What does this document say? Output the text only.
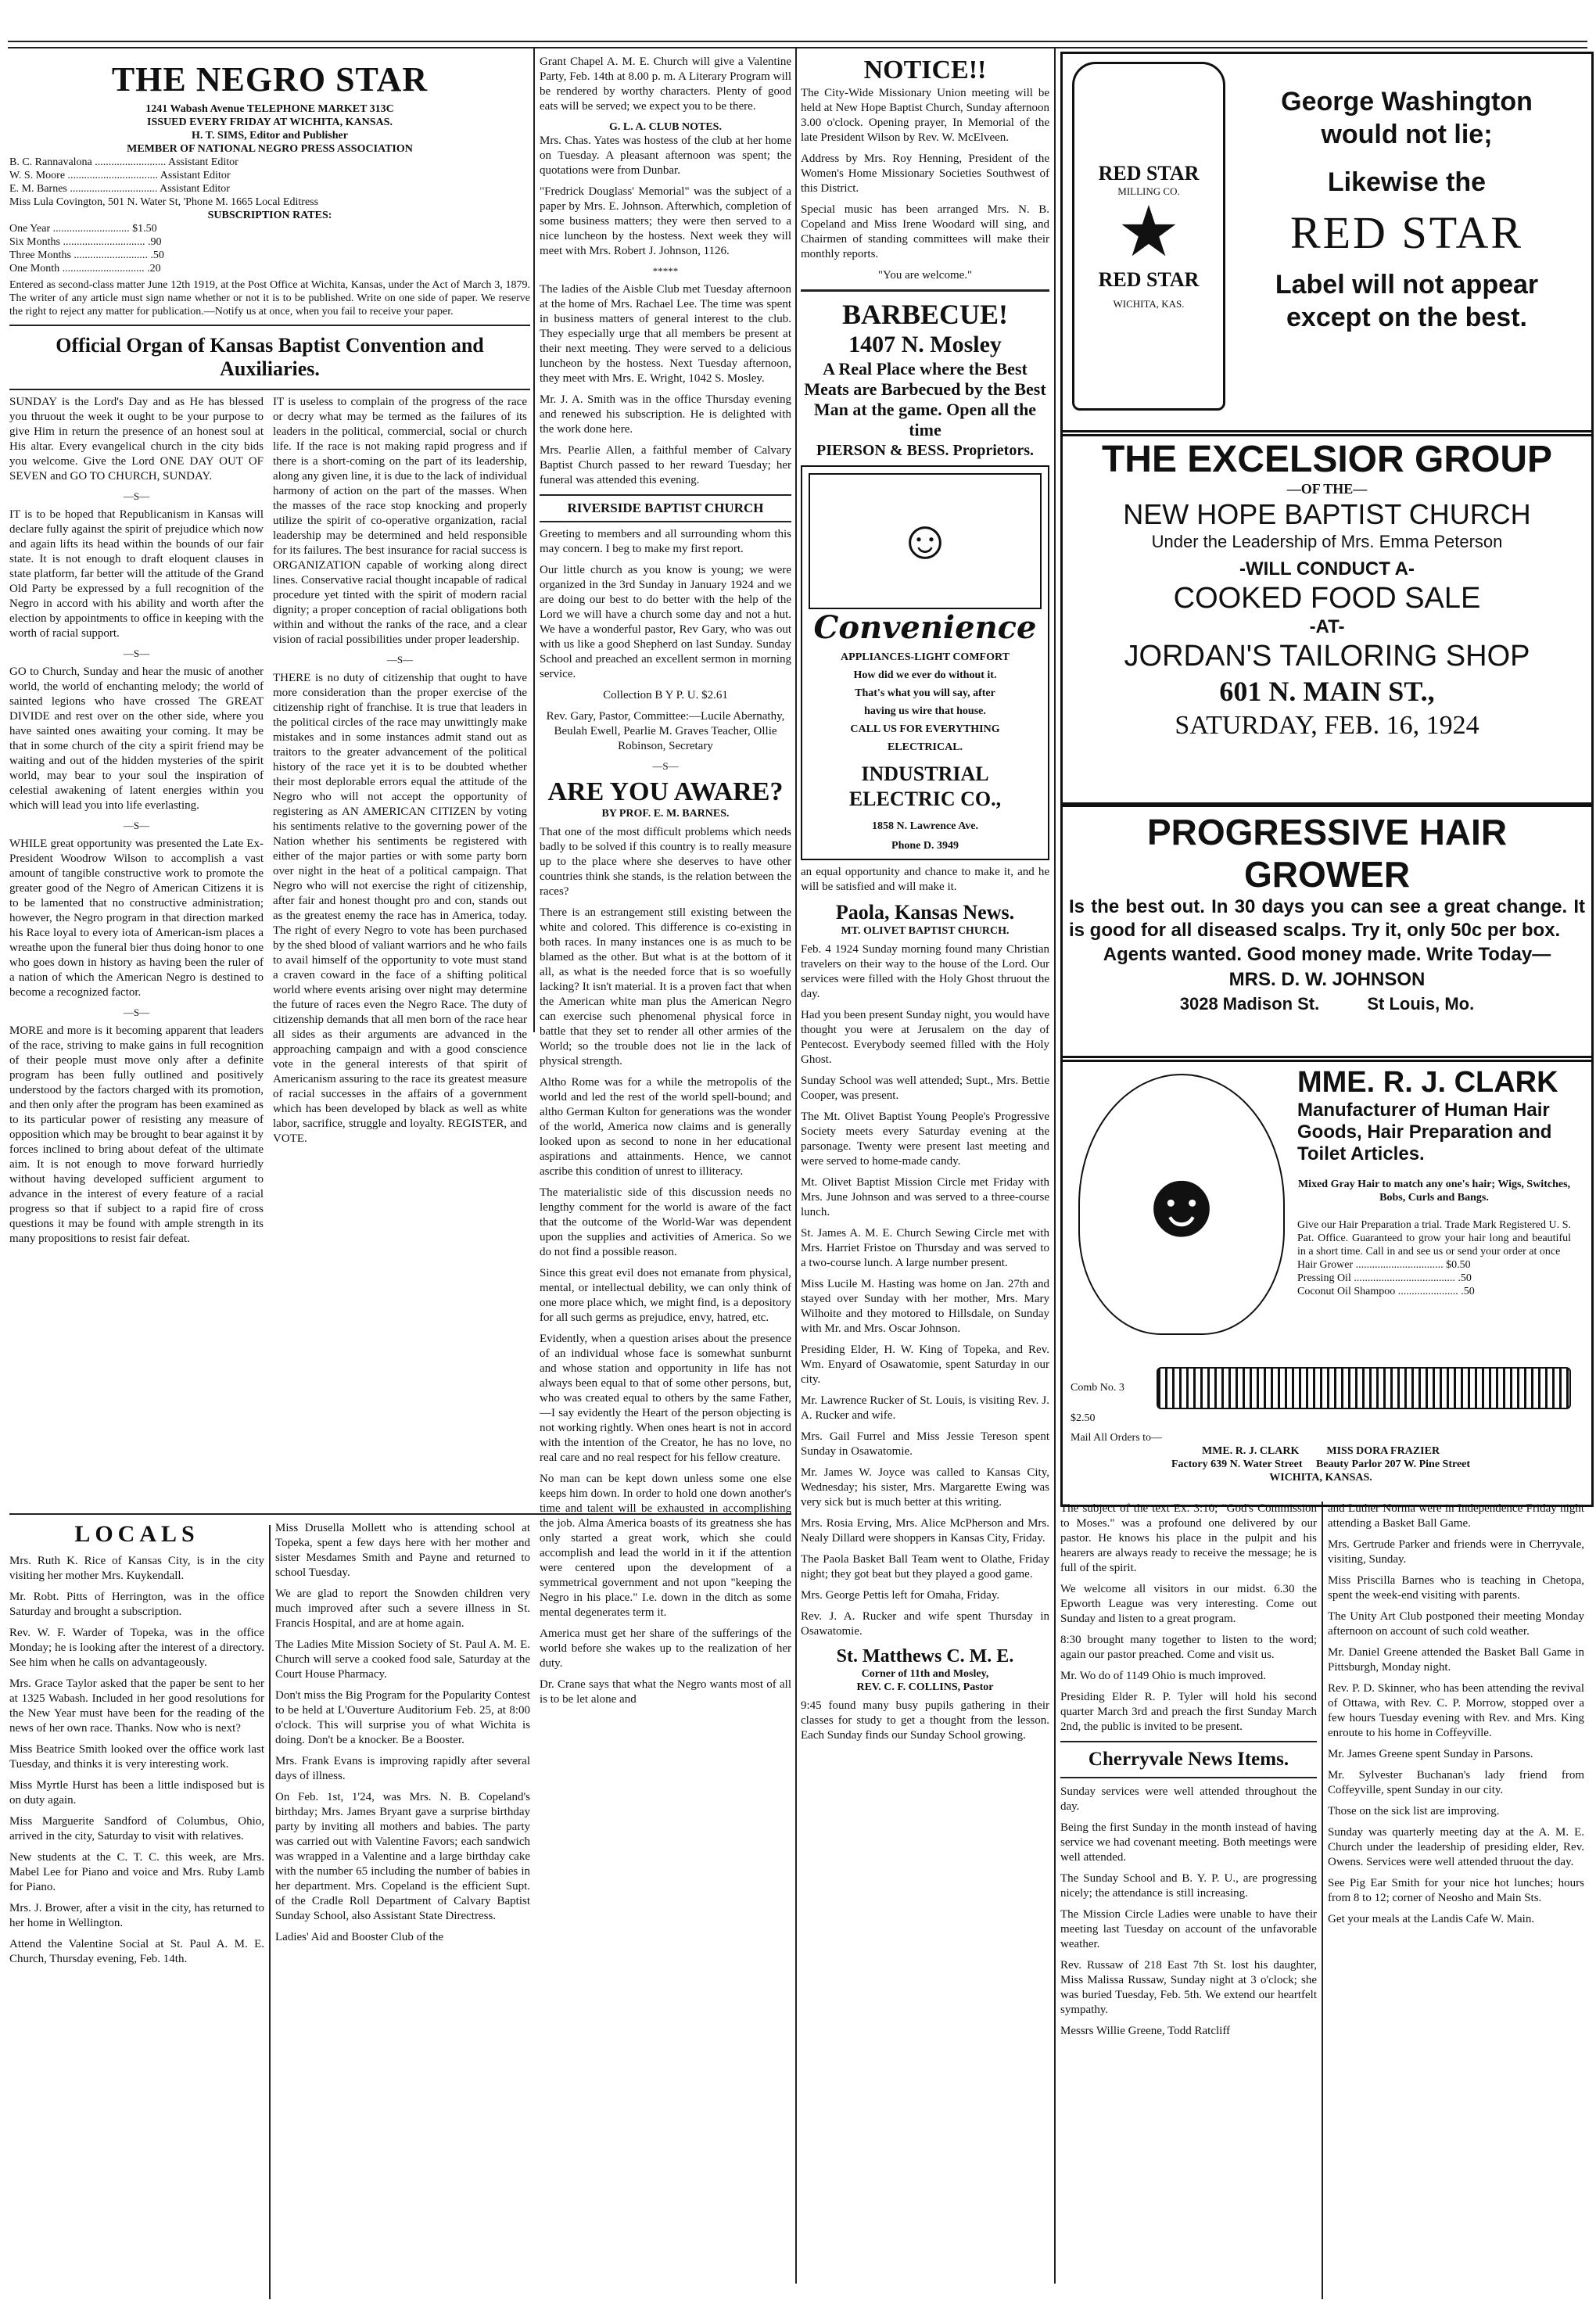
THE NEGRO STAR
1241 Wabash Avenue TELEPHONE MARKET 313C
ISSUED EVERY FRIDAY AT WICHITA, KANSAS.
H. T. SIMS, Editor and Publisher
MEMBER OF NATIONAL NEGRO PRESS ASSOCIATION
B. C. Rannavalona .......................... Assistant Editor
W. S. Moore ................................. Assistant Editor
E. M. Barnes ................................ Assistant Editor
Miss Lula Covington, 501 N. Water St, 'Phone M. 1665 Local Editress
SUBSCRIPTION RATES:
One Year ............................ $1.50
Six Months .............................. .90
Three Months ........................... .50
One Month .............................. .20

Entered as second-class matter June 12th 1919, at the Post Office at Wichita, Kansas, under the Act of March 3, 1879. The writer of any article must sign name whether or not it is to be published. Write on one side of paper. We reserve the right to reject any matter for publication.—Notify us at once, when you fail to receive your paper.

Official Organ of Kansas Baptist Convention and Auxiliaries.

SUNDAY is the Lord's Day and as He has blessed you thruout the week it ought to be your purpose to give Him in return the presence of an honest soul at His altar. Every evangelical church in the city bids you welcome. Give the Lord ONE DAY OUT OF SEVEN and GO TO CHURCH, SUNDAY.

—S—

IT is to be hoped that Republicanism in Kansas will declare fully against the spirit of prejudice which now and again lifts its head within the bounds of our fair state. It is not enough to draft eloquent clauses in state platform, far better will the attitude of the Grand Old Party be expressed by a full recognition of the Negro in accord with his ability and worth after the election by appointments to office in keeping with the worth of racial support.

—S—

GO to Church, Sunday and hear the music of another world, the world of enchanting melody; the world of sainted legions who have crossed The GREAT DIVIDE and rest over on the other side, where you have sainted ones awaiting your coming. It may be that in some church of the city a spirit friend may be waiting and out of the hidden mysteries of the spirit world, may bear to your soul the inspiration of celestial awakening of latent energies within you which will lead you into life everlasting.

—S—

WHILE great opportunity was presented the Late Ex-President Woodrow Wilson to accomplish a vast amount of tangible constructive work to promote the greater good of the Negro of American Citizens it is to be lamented that no constructive administration; however, the Negro program in that direction marked his Race loyal to every iota of American-ism places a wreathe upon the funeral bier thus doing honor to one who goes down in history as having been the ruler of a nation of which the American Negro is destined to become a recognized factor.

—S—

MORE and more is it becoming apparent that leaders of the race, striving to make gains in full recognition of their people must move only after a definite program has been fully outlined and positively understood by the factors charged with its promotion, and then only after the program has been examined as to its particular power of resisting any measure of opposition which may be brought to bear against it by forces inclined to bring about defeat of the ultimate aim. It is not enough to move forward hurriedly without having developed sufficient argument to advance in the interest of every feature of a racial progress so that if subject to a rapid fire of cross questions it may be found with ample strength in its many propositions to resist fair defeat.

IT is useless to complain of the progress of the race or decry what may be termed as the failures of its leaders in the political, commercial, social or church life. If the race is not making rapid progress and if there is a short-coming on the part of its leadership, along any given line, it is due to the lack of individual harmony of action on the part of the masses. When the masses of the race stop knocking and properly utilize the spirit of co-operative organization, racial leadership may be determined and held responsible for its failures. The best insurance for racial success is ORGANIZATION capable of working along direct lines. Conservative racial thought incapable of radical procedure yet tinted with the spirit of modern racial dignity; a proper conception of racial obligations both within and without the ranks of the race, and a clear vision of racial possibilities under proper leadership.

—S—

THERE is no duty of citizenship that ought to have more consideration than the proper exercise of the citizenship right of franchise. It is true that leaders in the political circles of the race may unwittingly make mistakes and in some instances admit stand out as traitors to the greater advancement of the political history of the race yet it is to be doubted whether their most deplorable errors equal the attitude of the Negro who will not accept the opportunity of registering as AN AMERICAN CITIZEN by voting his sentiments relative to the governing power of the Nation whether his sentiments be registered with either of the major parties or with some party born over night in the heat of a political campaign. That Negro who will not exercise the right of citizenship, after fair and honest thought pro and con, stands out as the greatest enemy the race has in America, today. The right of every Negro to vote has been purchased by the shed blood of valiant warriors and he who fails to avail himself of the opportunity to vote must stand a craven coward in the face of a shifting political world where events arising over night may determine the future of races even the Negro Race. The duty of citizenship demands that all men born of the race hear all sides as their arguments are advanced in the approaching campaign and with a good conscience vote in the general interests of that spirit of Americanism assuring to the race its greatest measure of racial successes in the affairs of a government which has been developed by black as well as white labor, sacrifice, struggle and loyalty. REGISTER, and VOTE.

LOCALS

Mrs. Ruth K. Rice of Kansas City, is in the city visiting her mother Mrs. Kuykendall.

Mr. Robt. Pitts of Herrington, was in the office Saturday and brought a subscription.

Rev. W. F. Warder of Topeka, was in the office Monday; he is looking after the interest of a directory. See him when he calls on advantageously.

Mrs. Grace Taylor asked that the paper be sent to her at 1325 Wabash. Included in her good resolutions for the New Year must have been for the reading of the news of her own race. Thanks. Now who is next?

Miss Beatrice Smith looked over the office work last Tuesday, and thinks it is very interesting work.

Miss Myrtle Hurst has been a little indisposed but is on duty again.

Miss Marguerite Sandford of Columbus, Ohio, arrived in the city, Saturday to visit with relatives.

New students at the C. T. C. this week, are Mrs. Mabel Lee for Piano and voice and Mrs. Ruby Lamb for Piano.

Mrs. J. Brower, after a visit in the city, has returned to her home in Wellington.

Attend the Valentine Social at St. Paul A. M. E. Church, Thursday evening, Feb. 14th.

Miss Drusella Mollett who is attending school at Topeka, spent a few days here with her mother and sister Mesdames Smith and Payne and returned to school Tuesday.

We are glad to report the Snowden children very much improved after such a severe illness in St. Francis Hospital, and are at home again.

The Ladies Mite Mission Society of St. Paul A. M. E. Church will serve a cooked food sale, Saturday at the Court House Pharmacy.

Don't miss the Big Program for the Popularity Contest to be held at L'Ouverture Auditorium Feb. 25, at 8:00 o'clock. This will surprise you of what Wichita is doing. Don't be a knocker. Be a Booster.

Mrs. Frank Evans is improving rapidly after several days of illness.

On Feb. 1st, 1'24, was Mrs. N. B. Copeland's birthday; Mrs. James Bryant gave a surprise birthday party by inviting all mothers and babies. The party was carried out with Valentine Favors; each sandwich was wrapped in a Valentine and a large birthday cake with the number 65 including the number of babies in her department. Mrs. Copeland is the efficient Supt. of the Cradle Roll Department of Calvary Baptist Sunday School, also Assistant State Directress.

Ladies' Aid and Booster Club of the

Grant Chapel A. M. E. Church will give a Valentine Party, Feb. 14th at 8.00 p. m. A Literary Program will be rendered by worthy characters. Plenty of good eats will be served; we expect you to be there.

G. L. A. CLUB NOTES.

Mrs. Chas. Yates was hostess of the club at her home on Tuesday. A pleasant afternoon was spent; the quotations were from Dunbar.

"Fredrick Douglass' Memorial" was the subject of a paper by Mrs. E. Johnson. Afterwhich, completion of some business matters; they were then served to a nice luncheon by the hostess. Next week they will meet with Mrs. Robert J. Johnson, 1126.

*****

The ladies of the Aisble Club met Tuesday afternoon at the home of Mrs. Rachael Lee. The time was spent in business matters of general interest to the club. They especially urge that all members be present at their next meeting. They were served to a delicious luncheon by the hostess. Next Tuesday afternoon, they meet with Mrs. E. Wright, 1042 S. Mosley.

Mr. J. A. Smith was in the office Thursday evening and renewed his subscription. He is delighted with the work done here.

Mrs. Pearlie Allen, a faithful member of Calvary Baptist Church passed to her reward Tuesday; her funeral was attended this evening.

RIVERSIDE BAPTIST CHURCH

Greeting to members and all surrounding whom this may concern. I beg to make my first report.

Our little church as you know is young; we were organized in the 3rd Sunday in January 1924 and we are doing our best to do better with the help of the Lord we will have a church some day and not a hut. We have a wonderful pastor, Rev Gary, who was out with us like a good Shepherd on last Sunday. Sunday School and preached an excellent sermon in morning service.

Collection B Y P. U. $2.61

Rev. Gary, Pastor, Committee:—Lucile Abernathy, Beulah Ewell, Pearlie M. Graves Teacher, Ollie Robinson, Secretary

—S—
ARE YOU AWARE?
BY PROF. E. M. BARNES.

That one of the most difficult problems which needs badly to be solved if this country is to really measure up to the place where she deserves to have other countries think she stands, is the relation between the races?

There is an estrangement still existing between the white and colored. This difference is co-existing in both races. In many instances one is as much to be blamed as the other. But what is at the bottom of it all, as what is the needed force that is so woefully lacking? It isn't material. It is a proven fact that when the American white man plus the American Negro can exercise such phenomenal physical force in battle that they set to render all other armies of the World; so the trouble does not lie in the lack of physical strength.

Altho Rome was for a while the metropolis of the world and led the rest of the world spell-bound; and altho German Kulton for generations was the wonder of the world, America now claims and is generally looked upon as second to none in her educational aspirations and attainments. Hence, we cannot ascribe this condition of unrest to illiteracy.

The materialistic side of this discussion needs no lengthy comment for the world is aware of the fact that the outcome of the World-War was dependent upon the supplies and activities of America. So we do not find a possible reason.

Since this great evil does not emanate from physical, mental, or intellectual debility, we can only think of one more place which, we might find, is a depository for all such germs as prejudice, envy, hatred, etc.

Evidently, when a question arises about the presence of an individual whose face is somewhat sunburnt and whose station and opportunity in life has not always been equal to that of some other persons, but, who was created equal to others by the same Father,—I say evidently the Heart of the person objecting is not working rightly. When ones heart is not in accord with the intention of the Creator, he has no love, no real care and no real respect for his fellow creature.

No man can be kept down unless some one else keeps him down. In order to hold one down another's time and talent will be exhausted in accomplishing the job. Alma America boasts of its greatness she has only started a great work, which she could accomplish and lead the world in it if the attention were centered upon the development of a symmetrical government and not upon "keeping the Negro in his place." I.e. down in the ditch as some mental degenerates term it.

America must get her share of the sufferings of the world before she wakes up to the realization of her duty.

Dr. Crane says that what the Negro wants most of all is to be let alone and

NOTICE!!

The City-Wide Missionary Union meeting will be held at New Hope Baptist Church, Sunday afternoon 3.00 o'clock. Opening prayer, In Memorial of the late President Wilson by Rev. W. McElveen.

Address by Mrs. Roy Henning, President of the Women's Home Missionary Societies Southwest of this District.

Special music has been arranged Mrs. N. B. Copeland and Miss Irene Woodard will sing, and Chairmen of standing committees will make their monthly reports.

"You are welcome."

BARBECUE!
1407 N. Mosley
A Real Place where the Best Meats are Barbecued by the Best Man at the game. Open all the time
PIERSON & BESS. Proprietors.
☺
Convenience
APPLIANCES-LIGHT COMFORT
How did we ever do without it.
That's what you will say, after
having us wire that house.
CALL US FOR EVERYTHING
ELECTRICAL.
INDUSTRIAL ELECTRIC CO.,
1858 N. Lawrence Ave.
Phone D. 3949

an equal opportunity and chance to make it, and he will be satisfied and will make it.

Paola, Kansas News.
MT. OLIVET BAPTIST CHURCH.

Feb. 4 1924 Sunday morning found many Christian travelers on their way to the house of the Lord. Our services were filled with the Holy Ghost thruout the day.

Had you been present Sunday night, you would have thought you were at Jerusalem on the day of Pentecost. Everybody seemed filled with the Holy Ghost.

Sunday School was well attended; Supt., Mrs. Bettie Cooper, was present.

The Mt. Olivet Baptist Young People's Progressive Society meets every Saturday evening at the parsonage. Twenty were present last meeting and were served to home-made candy.

Mt. Olivet Baptist Mission Circle met Friday with Mrs. June Johnson and was served to a three-course lunch.

St. James A. M. E. Church Sewing Circle met with Mrs. Harriet Fristoe on Thursday and was served to a two-course lunch. A large number present.

Miss Lucile M. Hasting was home on Jan. 27th and stayed over Sunday with her mother, Mrs. Mary Wilhoite and they motored to Hillsdale, on Sunday with Mr. and Mrs. Oscar Johnson.

Presiding Elder, H. W. King of Topeka, and Rev. Wm. Enyard of Osawatomie, spent Saturday in our city.

Mr. Lawrence Rucker of St. Louis, is visiting Rev. J. A. Rucker and wife.

Mrs. Gail Furrel and Miss Jessie Tereson spent Sunday in Osawatomie.

Mr. James W. Joyce was called to Kansas City, Wednesday; his sister, Mrs. Margarette Ewing was very sick but is much better at this writing.

Mrs. Rosia Erving, Mrs. Alice McPherson and Mrs. Nealy Dillard were shoppers in Kansas City, Friday.

The Paola Basket Ball Team went to Olathe, Friday night; they got beat but they played a good game.

Mrs. George Pettis left for Omaha, Friday.

Rev. J. A. Rucker and wife spent Thursday in Osawatomie.

St. Matthews C. M. E.
Corner of 11th and Mosley,
REV. C. F. COLLINS, Pastor

9:45 found many busy pupils gathering in their classes for study to get a thought from the lesson. Each Sunday finds our Sunday School growing.

RED STAR
MILLING CO.
★
RED STAR
WICHITA, KAS.
George Washington would not lie;
Likewise the
RED STAR
Label will not appear except on the best.
THE EXCELSIOR GROUP
—OF THE—
NEW HOPE BAPTIST CHURCH
Under the Leadership of Mrs. Emma Peterson
-WILL CONDUCT A-
COOKED FOOD SALE
-AT-
JORDAN'S TAILORING SHOP
601 N. MAIN ST.,
SATURDAY, FEB. 16, 1924
PROGRESSIVE HAIR GROWER
Is the best out. In 30 days you can see a great change. It is good for all diseased scalps. Try it, only 50c per box.
Agents wanted. Good money made. Write Today—
MRS. D. W. JOHNSON
3028 Madison St.          St Louis, Mo.
☻
MME. R. J. CLARK
Manufacturer of Human Hair Goods, Hair Preparation and Toilet Articles.
Mixed Gray Hair to match any one's hair; Wigs, Switches, Bobs, Curls and Bangs.
Give our Hair Preparation a trial. Trade Mark Registered U. S. Pat. Office. Guaranteed to grow your hair long and beautiful in a short time. Call in and see us or send your order at once
Hair Grower ................................ $0.50
Pressing Oil ..................................... .50
Coconut Oil Shampoo ...................... .50
Comb No. 3
$2.50
Mail All Orders to—
MME. R. J. CLARK          MISS DORA FRAZIER
Factory 639 N. Water Street     Beauty Parlor 207 W. Pine Street
WICHITA, KANSAS.

The subject of the text Ex. 3:10; "God's Commission to Moses." was a profound one delivered by our pastor. He knows his place in the pulpit and his hearers are always ready to receive the message; he is full of the spirit.

We welcome all visitors in our midst. 6.30 the Epworth League was very interesting. Come out Sunday and listen to a great program.

8:30 brought many together to listen to the word; again our pastor preached. Come and visit us.

Mr. Wo do of 1149 Ohio is much improved.

Presiding Elder R. P. Tyler will hold his second quarter March 3rd and preach the first Sunday March 2nd, the public is invited to be present.

Cherryvale News Items.

Sunday services were well attended throughout the day.

Being the first Sunday in the month instead of having service we had covenant meeting. Both meetings were well attended.

The Sunday School and B. Y. P. U., are progressing nicely; the attendance is still increasing.

The Mission Circle Ladies were unable to have their meeting last Tuesday on account of the unfavorable weather.

Rev. Russaw of 218 East 7th St. lost his daughter, Miss Malissa Russaw, Sunday night at 3 o'clock; she was buried Tuesday, Feb. 5th. We extend our heartfelt sympathy.

Messrs Willie Greene, Todd Ratcliff

and Luther Norma were in Independence Friday night attending a Basket Ball Game.

Mrs. Gertrude Parker and friends were in Cherryvale, visiting, Sunday.

Miss Priscilla Barnes who is teaching in Chetopa, spent the week-end visiting with parents.

The Unity Art Club postponed their meeting Monday afternoon on account of such cold weather.

Mr. Daniel Greene attended the Basket Ball Game in Pittsburgh, Monday night.

Rev. P. D. Skinner, who has been attending the revival of Ottawa, with Rev. C. P. Morrow, stopped over a few hours Tuesday evening with Rev. and Mrs. King enroute to his home in Coffeyville.

Mr. James Greene spent Sunday in Parsons.

Mr. Sylvester Buchanan's lady friend from Coffeyville, spent Sunday in our city.

Those on the sick list are improving.

Sunday was quarterly meeting day at the A. M. E. Church under the leadership of presiding elder, Rev. Owens. Services were well attended thruout the day.

See Pig Ear Smith for your nice hot lunches; hours from 8 to 12; corner of Neosho and Main Sts.

Get your meals at the Landis Cafe W. Main.
